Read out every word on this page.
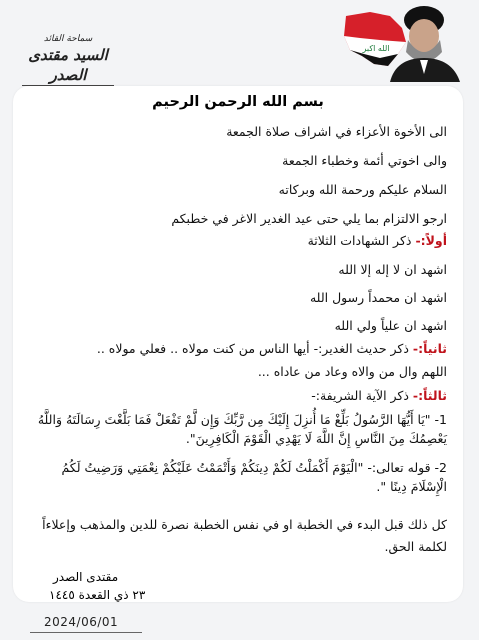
سماحة القائد
السيد مقتدى الصدر
الله اكبر
بسم الله الرحمن الرحيم
الى الأخوة الأعزاء في اشراف صلاة الجمعة
والى اخوتي أئمة وخطباء الجمعة
السلام عليكم ورحمة الله وبركاته
ارجو الالتزام بما يلي حتى عيد الغدير الاغر في خطبكم
أولاً:- ذكر الشهادات الثلاثة
اشهد ان لا إله إلا الله
اشهد ان محمداً رسول الله
اشهد ان علياً ولي الله
ثانياً:- ذكر حديث الغدير:- أيها الناس من كنت مولاه .. فعلي مولاه ..
اللهم وال من والاه وعاد من عاداه ...
ثالثاً:- ذكر الآية الشريفة:-
1- "يَا أَيُّهَا الرَّسُولُ بَلِّغْ مَا أُنزِلَ إِلَيْكَ مِن رَّبِّكَ وَإِن لَّمْ تَفْعَلْ فَمَا بَلَّغْتَ رِسَالَتَهُ وَاللَّهُ يَعْصِمُكَ مِنَ النَّاسِ إِنَّ اللَّهَ لَا يَهْدِي الْقَوْمَ الْكَافِرِينَ".
2- قوله تعالى:- "الْيَوْمَ أَكْمَلْتُ لَكُمْ دِينَكُمْ وَأَتْمَمْتُ عَلَيْكُمْ نِعْمَتِي وَرَضِيتُ لَكُمُ الْإِسْلَامَ دِينًا ".
كل ذلك قبل البدء في الخطبة او في نفس الخطبة نصرة للدين والمذهب وإعلاءاً لكلمة الحق.
مقتدى الصدر
٢٣ ذي القعدة ١٤٤٥
2024/06/01
